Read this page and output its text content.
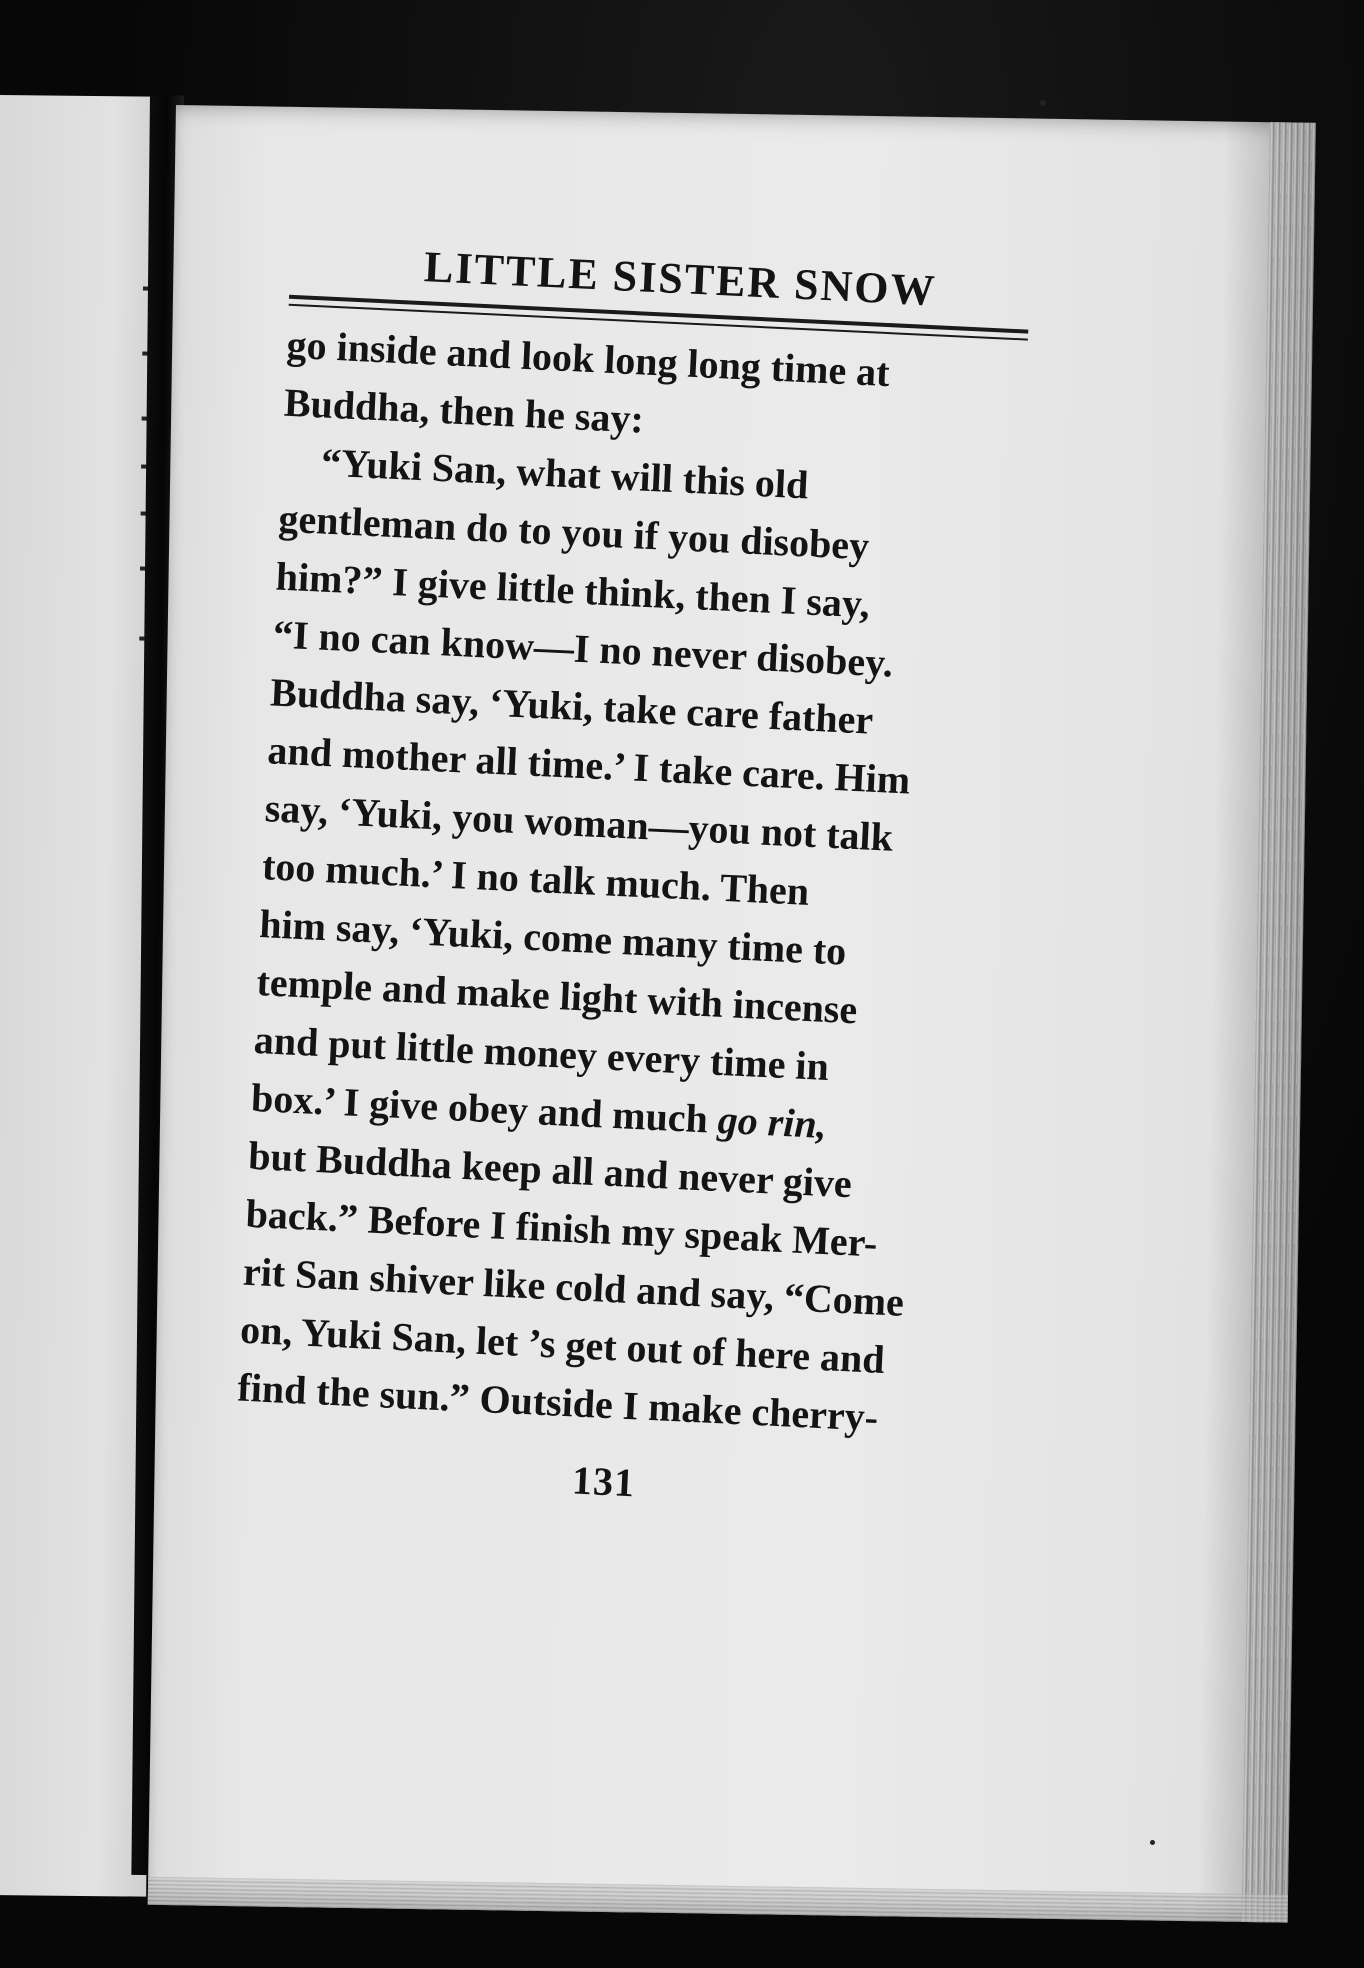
LITTLE SISTER SNOW

go inside and look long long time at

Buddha, then he say:

“Yuki San, what will this old

gentleman do to you if you disobey

him?” I give little think, then I say,

“I no can know—I no never disobey.

Buddha say, ‘Yuki, take care father

and mother all time.’ I take care. Him

say, ‘Yuki, you woman—you not talk

too much.’ I no talk much. Then

him say, ‘Yuki, come many time to

temple and make light with incense

and put little money every time in

box.’ I give obey and much go rin,

but Buddha keep all and never give

back.” Before I finish my speak Mer-

rit San shiver like cold and say, “Come

on, Yuki San, let ’s get out of here and

find the sun.” Outside I make cherry-

131
